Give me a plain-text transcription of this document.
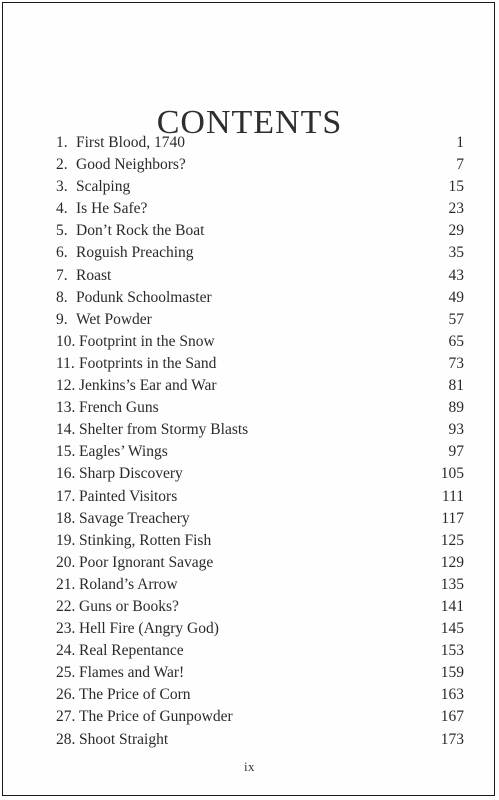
CONTENTS
1. First Blood, 1740	1
2. Good Neighbors?	7
3. Scalping	15
4. Is He Safe?	23
5. Don’t Rock the Boat	29
6. Roguish Preaching	35
7. Roast	43
8. Podunk Schoolmaster	49
9. Wet Powder	57
10. Footprint in the Snow	65
11. Footprints in the Sand	73
12. Jenkins’s Ear and War	81
13. French Guns	89
14. Shelter from Stormy Blasts	93
15. Eagles’ Wings	97
16. Sharp Discovery	105
17. Painted Visitors	111
18. Savage Treachery	117
19. Stinking, Rotten Fish	125
20. Poor Ignorant Savage	129
21. Roland’s Arrow	135
22. Guns or Books?	141
23. Hell Fire (Angry God)	145
24. Real Repentance	153
25. Flames and War!	159
26. The Price of Corn	163
27. The Price of Gunpowder	167
28. Shoot Straight	173
ix
